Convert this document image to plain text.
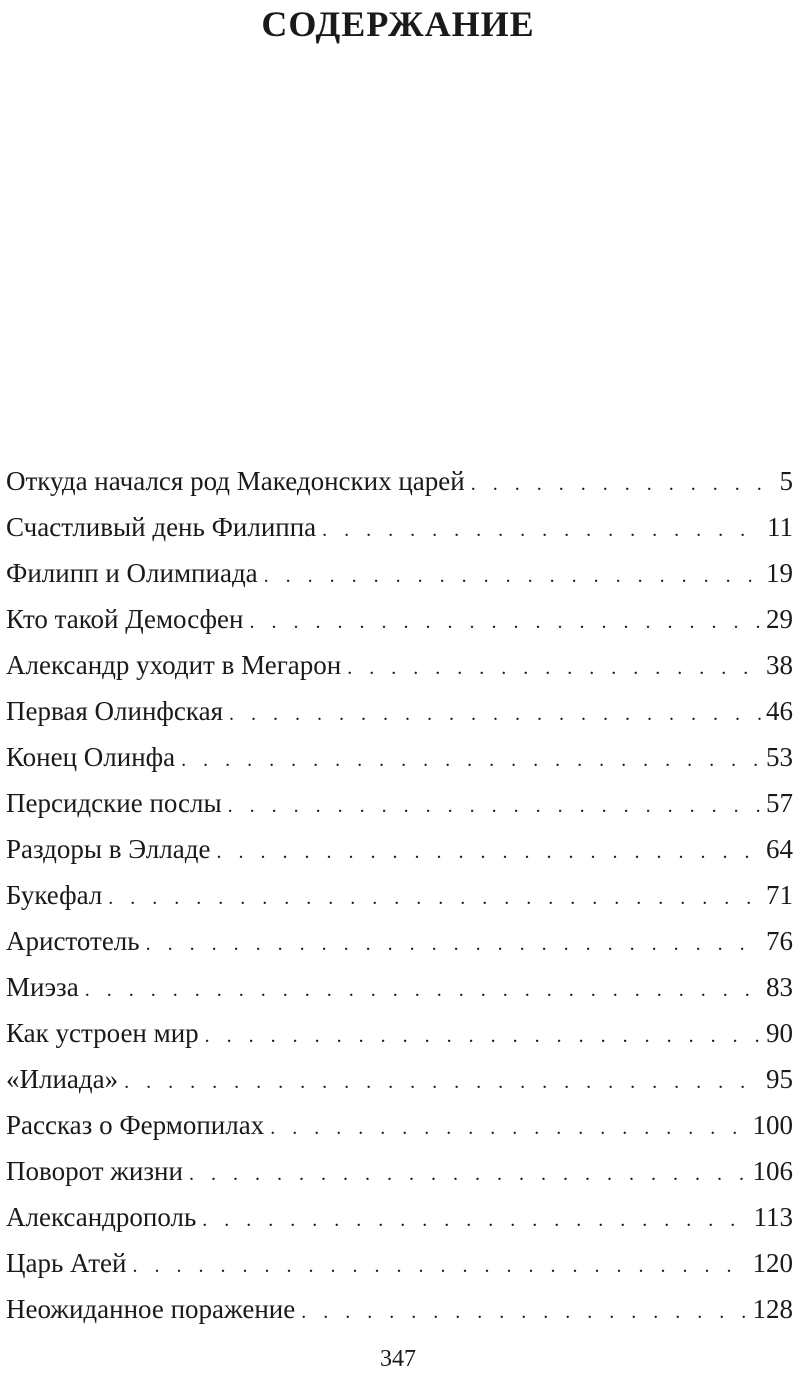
СОДЕРЖАНИЕ
Откуда начался род Македонских царей . . .	5
Счастливый день Филиппа . . .	11
Филипп и Олимпиада . . .	19
Кто такой Демосфен . . .	29
Александр уходит в Мегарон . . .	38
Первая Олинфская . . .	46
Конец Олинфа . . .	53
Персидские послы . . .	57
Раздоры в Элладе . . .	64
Букефал . . .	71
Аристотель . . .	76
Миэза . . .	83
Как устроен мир . . .	90
«Илиада» . . .	95
Рассказ о Фермопилах . . .	100
Поворот жизни . . .	106
Александрополь . . .	113
Царь Атей . . .	120
Неожиданное поражение . . .	128
347
